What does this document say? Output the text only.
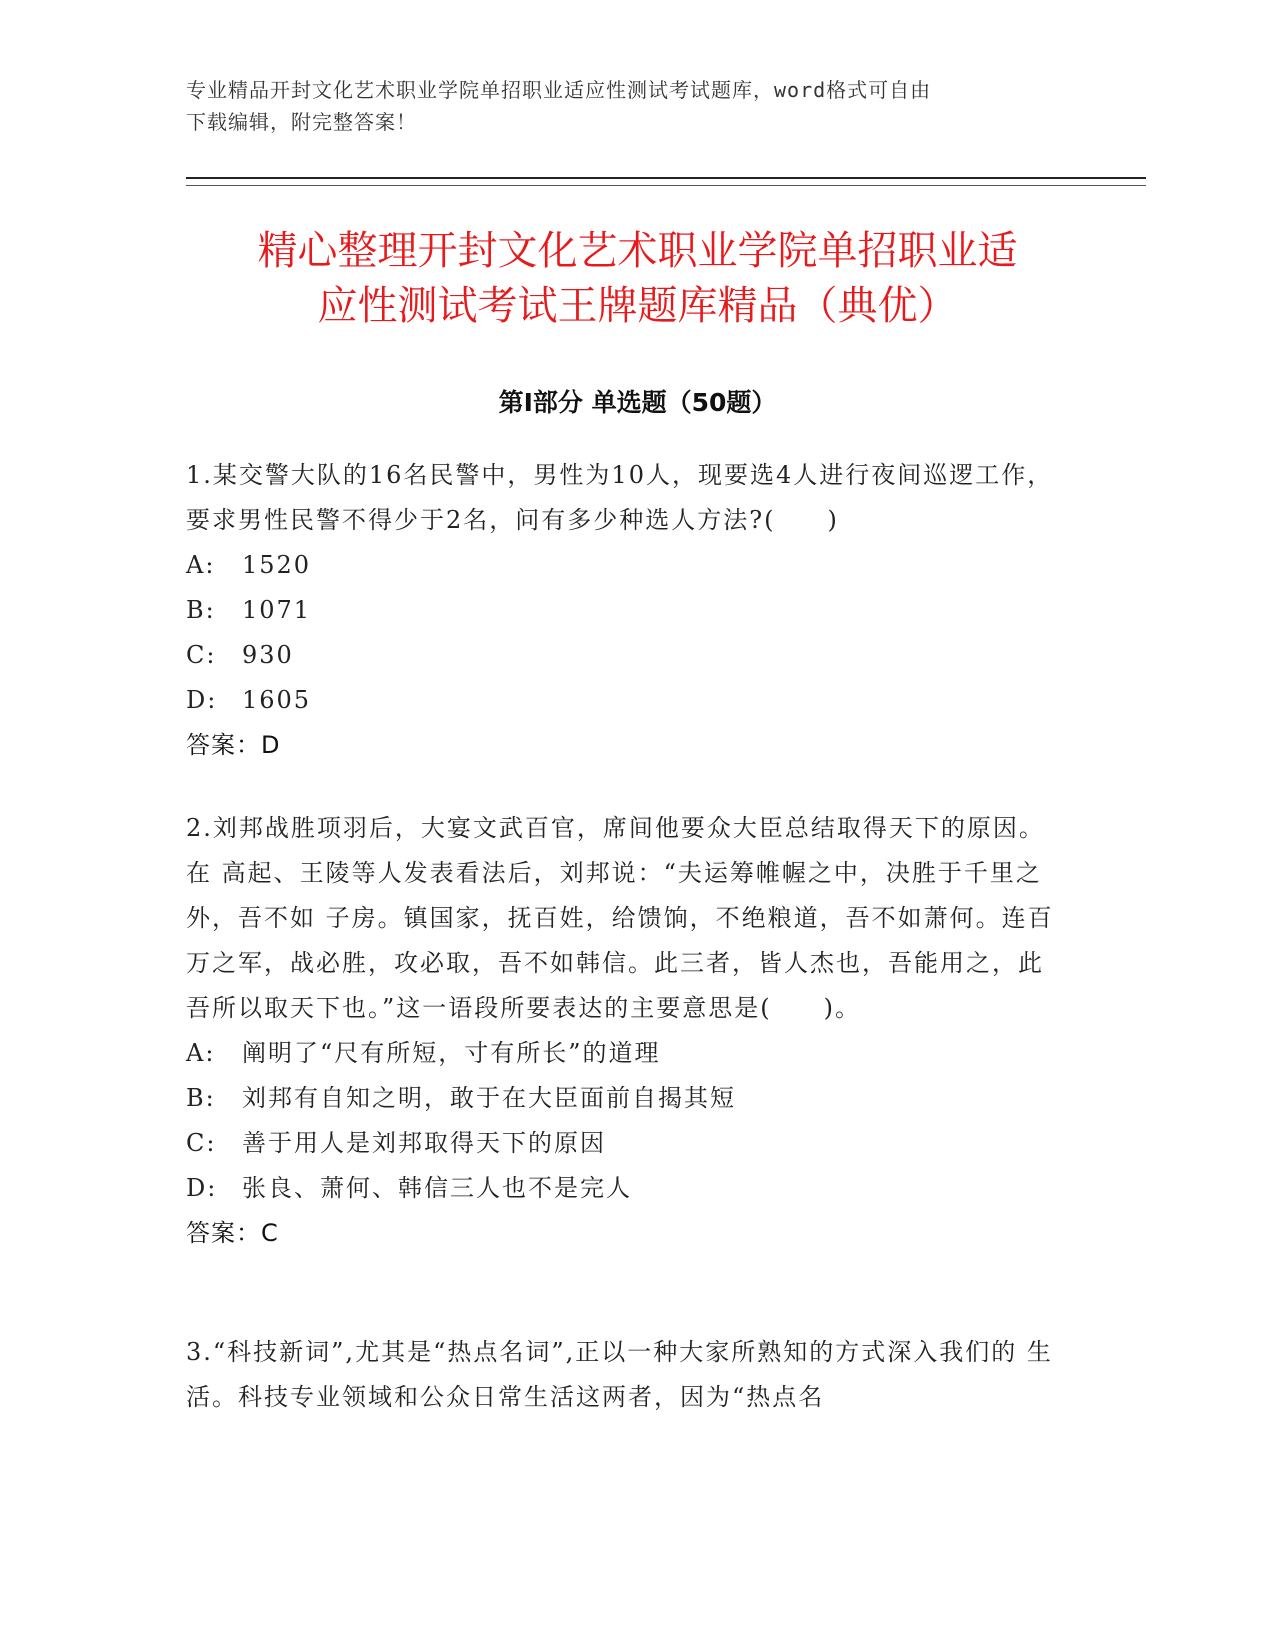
专业精品开封文化艺术职业学院单招职业适应性测试考试题库，word格式可自由
下载编辑，附完整答案！
精心整理开封文化艺术职业学院单招职业适
应性测试考试王牌题库精品（典优）
第Ⅰ部分 单选题（50题）
1.某交警大队的16名民警中，男性为10人，现要选4人进行夜间巡逻工作， 要求男性民警不得少于2名，问有多少种选人方法?(　　)
A: 1520
B: 1071
C: 930
D: 1605
答案：D
2.刘邦战胜项羽后，大宴文武百官，席间他要众大臣总结取得天下的原因。在 高起、王陵等人发表看法后，刘邦说：“夫运筹帷幄之中，决胜于千里之外，吾不如 子房。镇国家，抚百姓，给馈饷，不绝粮道，吾不如萧何。连百万之军，战必胜，攻必取，吾不如韩信。此三者，皆人杰也，吾能用之，此吾所以取天下也。”这一语段所要表达的主要意思是(　　)。
A: 阐明了“尺有所短，寸有所长”的道理
B: 刘邦有自知之明，敢于在大臣面前自揭其短
C: 善于用人是刘邦取得天下的原因
D: 张良、萧何、韩信三人也不是完人
答案：C
3.“科技新词”,尤其是“热点名词”,正以一种大家所熟知的方式深入我们的 生活。科技专业领域和公众日常生活这两者，因为“热点名
